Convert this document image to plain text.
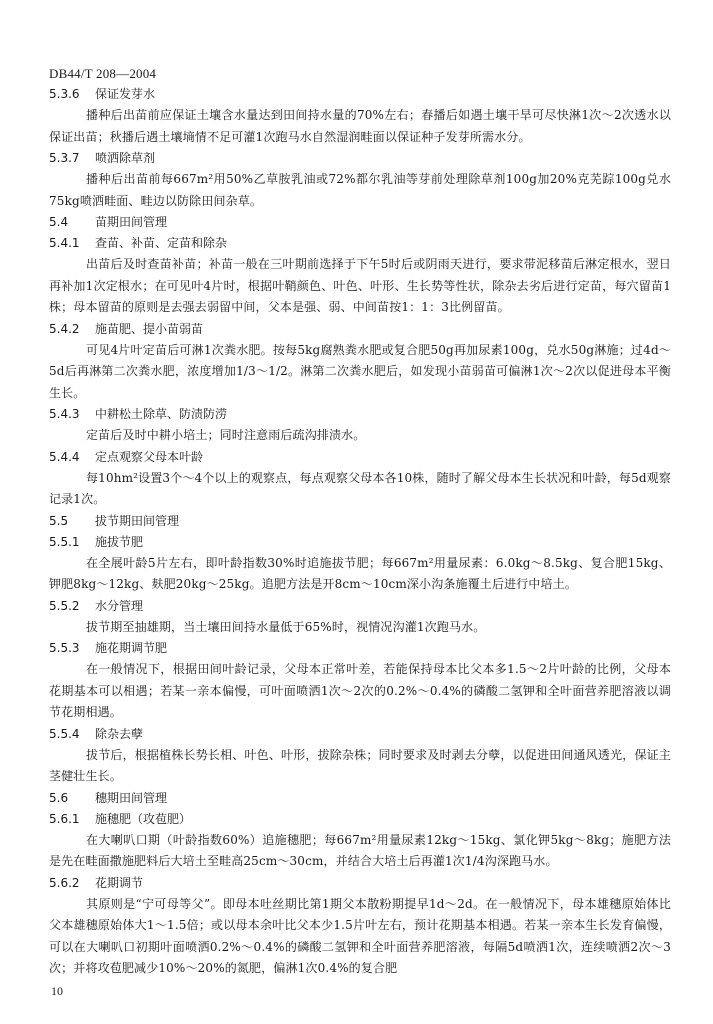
DB44/T 208—2004
5.3.6 保证发芽水
播种后出苗前应保证土壤含水量达到田间持水量的70%左右；春播后如遇土壤干旱可尽快淋1次～2次透水以保证出苗；秋播后遇土壤墒情不足可灌1次跑马水自然湿润畦面以保证种子发芽所需水分。
5.3.7 喷洒除草剂
播种后出苗前每667m²用50%乙草胺乳油或72%都尔乳油等芽前处理除草剂100g加20%克芜踪100g兑水75kg喷洒畦面、畦边以防除田间杂草。
5.4 苗期田间管理
5.4.1 查苗、补苗、定苗和除杂
出苗后及时查苗补苗；补苗一般在三叶期前选择于下午5时后或阴雨天进行，要求带泥移苗后淋定根水，翌日再补加1次定根水；在可见叶4片时，根据叶鞘颜色、叶色、叶形、生长势等性状，除杂去劣后进行定苗，每穴留苗1株；母本留苗的原则是去强去弱留中间，父本是强、弱、中间苗按1：1：3比例留苗。
5.4.2 施苗肥、提小苗弱苗
可见4片叶定苗后可淋1次粪水肥。按每5kg腐熟粪水肥或复合肥50g再加尿素100g，兑水50g淋施；过4d～5d后再淋第二次粪水肥，浓度增加1/3～1/2。淋第二次粪水肥后，如发现小苗弱苗可偏淋1次～2次以促进母本平衡生长。
5.4.3 中耕松土除草、防渍防涝
定苗后及时中耕小培土；同时注意雨后疏沟排渍水。
5.4.4 定点观察父母本叶龄
每10hm²设置3个～4个以上的观察点，每点观察父母本各10株，随时了解父母本生长状况和叶龄，每5d观察记录1次。
5.5 拔节期田间管理
5.5.1 施拔节肥
在全展叶龄5片左右，即叶龄指数30%时追施拔节肥；每667m²用量尿素：6.0kg～8.5kg、复合肥15kg、钾肥8kg～12kg、麸肥20kg～25kg。追肥方法是开8cm～10cm深小沟条施覆土后进行中培土。
5.5.2 水分管理
拔节期至抽雄期，当土壤田间持水量低于65%时，视情况沟灌1次跑马水。
5.5.3 施花期调节肥
在一般情况下，根据田间叶龄记录，父母本正常叶差，若能保持母本比父本多1.5～2片叶龄的比例，父母本花期基本可以相遇；若某一亲本偏慢，可叶面喷洒1次～2次的0.2%～0.4%的磷酸二氢钾和全叶面营养肥溶液以调节花期相遇。
5.5.4 除杂去孽
拔节后，根据植株长势长相、叶色、叶形，拔除杂株；同时要求及时剥去分孽，以促进田间通风透光，保证主茎健壮生长。
5.6 穗期田间管理
5.6.1 施穗肥（攻苞肥）
在大喇叭口期（叶龄指数60%）追施穗肥；每667m²用量尿素12kg～15kg、氯化钾5kg～8kg；施肥方法是先在畦面撒施肥料后大培土至畦高25cm～30cm，并结合大培土后再灌1次1/4沟深跑马水。
5.6.2 花期调节
其原则是“宁可母等父”。即母本吐丝期比第1期父本散粉期提早1d～2d。在一般情况下，母本雄穗原始体比父本雄穗原始体大1～1.5倍；或以母本余叶比父本少1.5片叶左右，预计花期基本相遇。若某一亲本生长发育偏慢，可以在大喇叭口初期叶面喷洒0.2%～0.4%的磷酸二氢钾和全叶面营养肥溶液，每隔5d喷洒1次，连续喷洒2次～3次；并将攻苞肥减少10%～20%的氮肥，偏淋1次0.4%的复合肥
10
